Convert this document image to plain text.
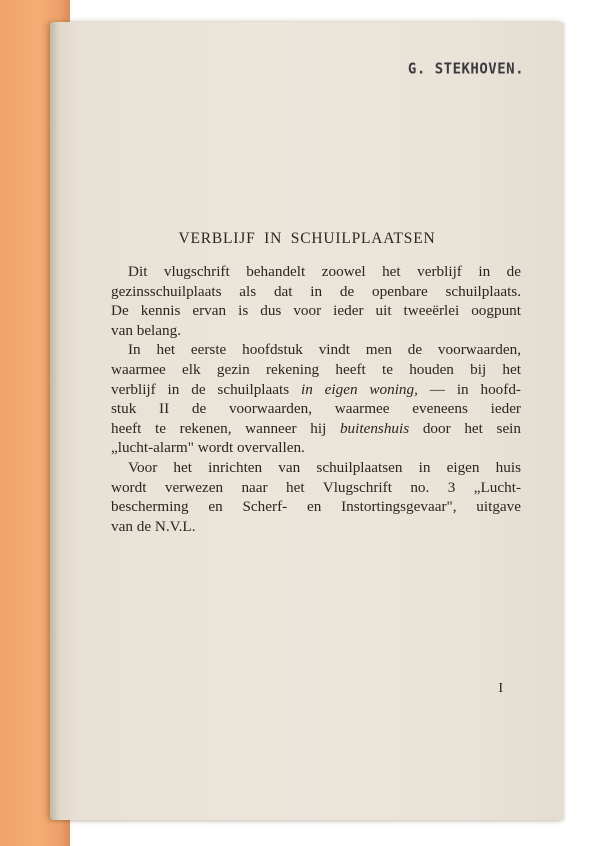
G. STEKHOVEN.
VERBLIJF IN SCHUILPLAATSEN
Dit vlugschrift behandelt zoowel het verblijf in de
gezinsschuilplaats als dat in de openbare schuilplaats.
De kennis ervan is dus voor ieder uit tweeërlei oogpunt
van belang.
In het eerste hoofdstuk vindt men de voorwaarden,
waarmee elk gezin rekening heeft te houden bij het
verblijf in de schuilplaats in eigen woning, — in hoofd-
stuk II de voorwaarden, waarmee eveneens ieder
heeft te rekenen, wanneer hij buitenshuis door het sein
„lucht-alarm" wordt overvallen.
Voor het inrichten van schuilplaatsen in eigen huis
wordt verwezen naar het Vlugschrift no. 3 „Lucht-
bescherming en Scherf- en Instortingsgevaar", uitgave
van de N.V.L.
I
